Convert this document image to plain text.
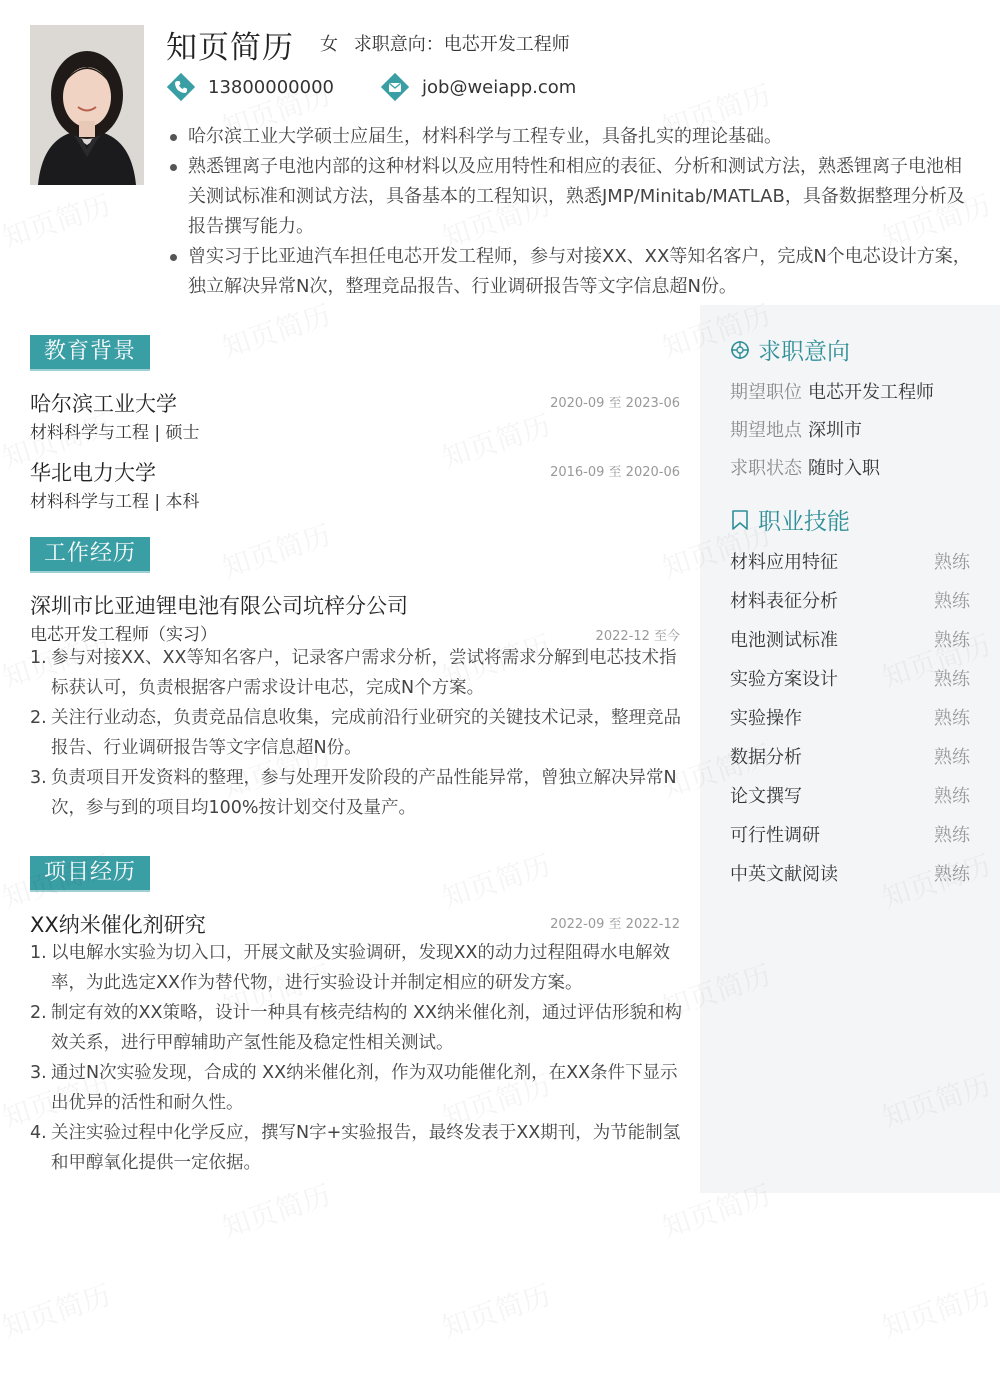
知页简历 女 求职意向：电芯开发工程师
13800000000	job@weiapp.com
哈尔滨工业大学硕士应届生，材料科学与工程专业，具备扎实的理论基础。
熟悉锂离子电池内部的这种材料以及应用特性和相应的表征、分析和测试方法，熟悉锂离子电池相关测试标准和测试方法，具备基本的工程知识，熟悉JMP/Minitab/MATLAB，具备数据整理分析及报告撰写能力。
曾实习于比亚迪汽车担任电芯开发工程师，参与对接XX、XX等知名客户，完成N个电芯设计方案，独立解决异常N次，整理竞品报告、行业调研报告等文字信息超N份。
教育背景
哈尔滨工业大学	2020-09 至 2023-06
材料科学与工程 | 硕士
华北电力大学	2016-09 至 2020-06
材料科学与工程 | 本科
工作经历
深圳市比亚迪锂电池有限公司坑梓分公司
电芯开发工程师（实习）	2022-12 至今
1. 参与对接XX、XX等知名客户，记录客户需求分析，尝试将需求分解到电芯技术指标获认可，负责根据客户需求设计电芯，完成N个方案。
2. 关注行业动态，负责竞品信息收集，完成前沿行业研究的关键技术记录，整理竞品报告、行业调研报告等文字信息超N份。
3. 负责项目开发资料的整理，参与处理开发阶段的产品性能异常，曾独立解决异常N次，参与到的项目均100%按计划交付及量产。
项目经历
XX纳米催化剂研究	2022-09 至 2022-12
1. 以电解水实验为切入口，开展文献及实验调研，发现XX的动力过程阻碍水电解效率，为此选定XX作为替代物，进行实验设计并制定相应的研发方案。
2. 制定有效的XX策略，设计一种具有核壳结构的 XX纳米催化剂，通过评估形貌和构效关系，进行甲醇辅助产氢性能及稳定性相关测试。
3. 通过N次实验发现，合成的 XX纳米催化剂，作为双功能催化剂，在XX条件下显示出优异的活性和耐久性。
4. 关注实验过程中化学反应，撰写N字+实验报告，最终发表于XX期刊，为节能制氢和甲醇氧化提供一定依据。
求职意向
期望职位 电芯开发工程师
期望地点 深圳市
求职状态 随时入职
职业技能
材料应用特征	熟练
材料表征分析	熟练
电池测试标准	熟练
实验方案设计	熟练
实验操作	熟练
数据分析	熟练
论文撰写	熟练
可行性调研	熟练
中英文献阅读	熟练
